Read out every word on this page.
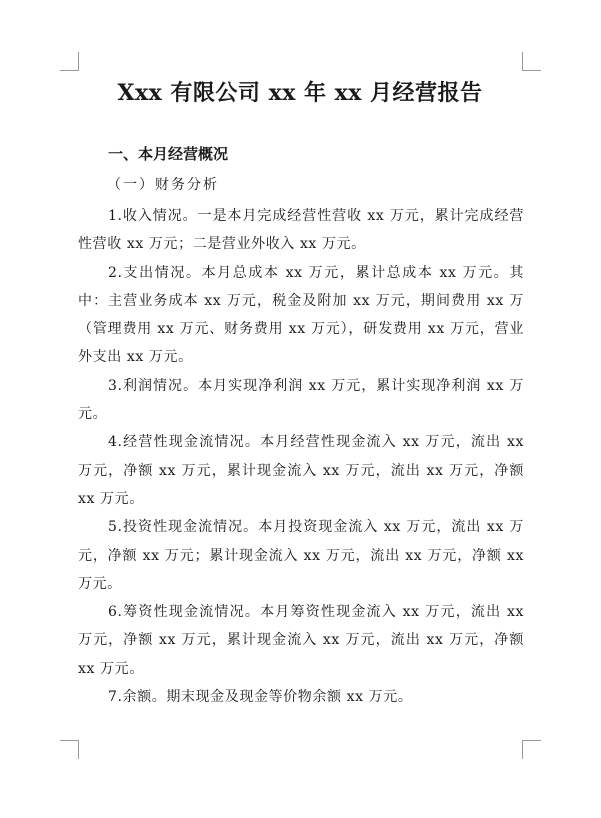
Xxx 有限公司 xx 年 xx 月经营报告
一、本月经营概况
（一）财务分析

1.收入情况。一是本月完成经营性营收 xx 万元，累计完成经营性营收 xx 万元；二是营业外收入 xx 万元。

2.支出情况。本月总成本 xx 万元，累计总成本 xx 万元。其中：主营业务成本 xx 万元，税金及附加 xx 万元，期间费用 xx 万（管理费用 xx 万元、财务费用 xx 万元），研发费用 xx 万元，营业外支出 xx 万元。

3.利润情况。本月实现净利润 xx 万元，累计实现净利润 xx 万元。

4.经营性现金流情况。本月经营性现金流入 xx 万元，流出 xx 万元，净额 xx 万元，累计现金流入 xx 万元，流出 xx 万元，净额 xx 万元。

5.投资性现金流情况。本月投资现金流入 xx 万元，流出 xx 万元，净额 xx 万元；累计现金流入 xx 万元，流出 xx 万元，净额 xx 万元。

6.筹资性现金流情况。本月筹资性现金流入 xx 万元，流出 xx 万元，净额 xx 万元，累计现金流入 xx 万元，流出 xx 万元，净额 xx 万元。

7.余额。期末现金及现金等价物余额 xx 万元。
